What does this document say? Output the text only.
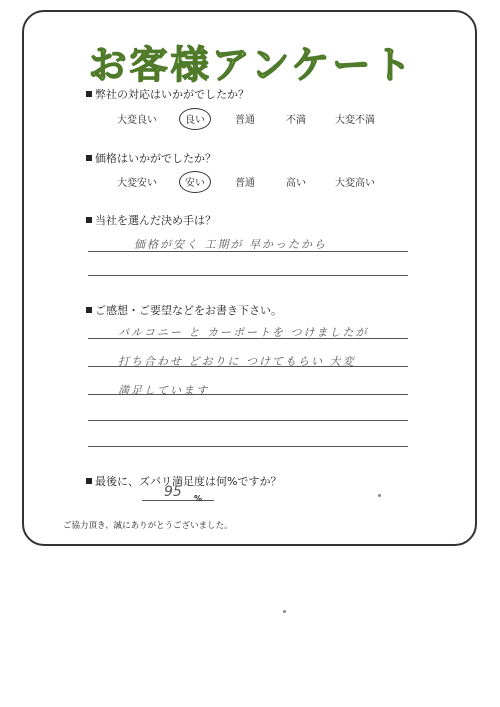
お客様アンケート
弊社の対応はいかがでしたか？
大変良い	良い	普通	不満	大変不満
価格はいかがでしたか？
大変安い	安い	普通	高い	大変高い
当社を選んだ決め手は？
価格が安く 工期が 早かったから
ご感想・ご要望などをお書き下さい。
バルコニー と カーポートを つけましたが
打ち合わせ どおりに つけてもらい 大変
満足しています
最後に、ズバリ満足度は何%ですか？
95 %
ご協力頂き、誠にありがとうございました。
